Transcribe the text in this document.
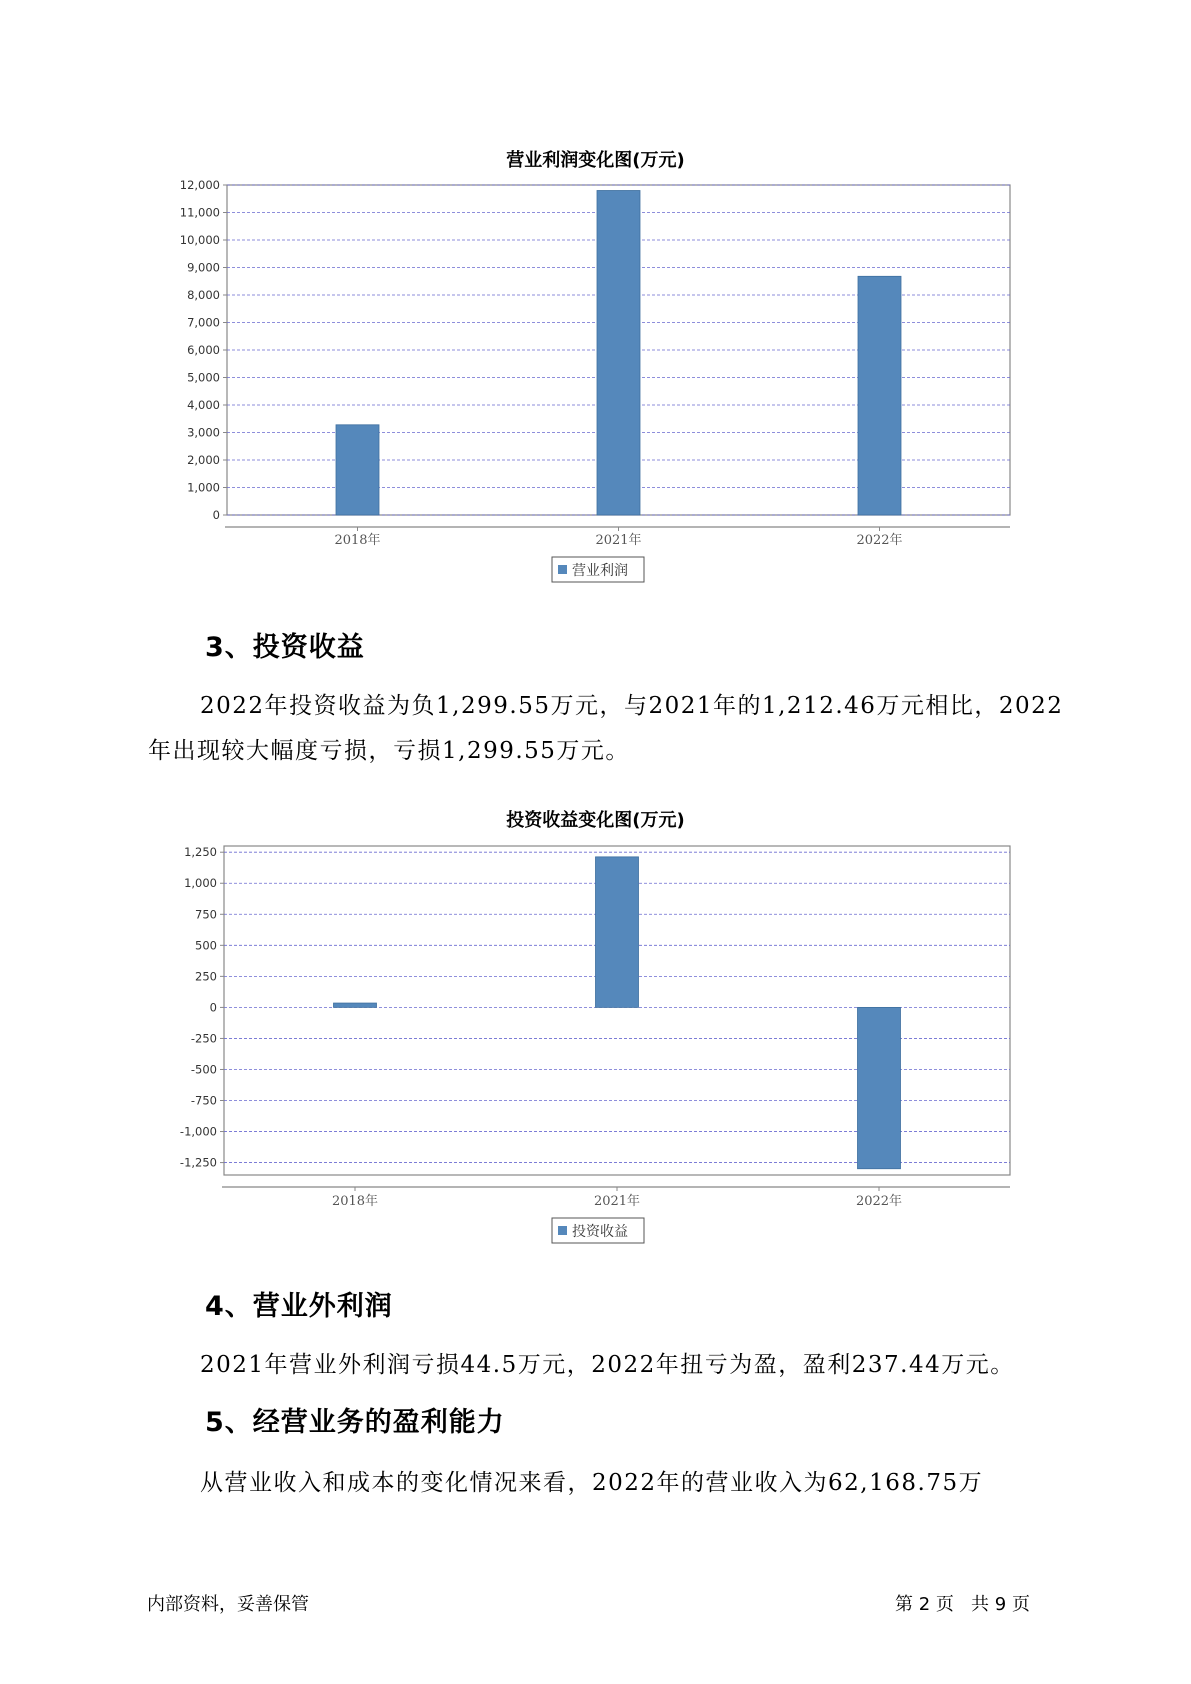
营业利润变化图(万元)
0
1,000
2,000
3,000
4,000
5,000
6,000
7,000
8,000
9,000
10,000
11,000
12,000
2018年	2021年	2022年
营业利润
3、投资收益

2022年投资收益为负1,299.55万元，与2021年的1,212.46万元相比，2022年出现较大幅度亏损，亏损1,299.55万元。

投资收益变化图(万元)
-1,250
-1,000
-750
-500
-250
0
250
500
750
1,000
1,250
2018年	2021年	2022年
投资收益
4、营业外利润

2021年营业外利润亏损44.5万元，2022年扭亏为盈，盈利237.44万元。

5、经营业务的盈利能力

从营业收入和成本的变化情况来看，2022年的营业收入为62,168.75万

内部资料，妥善保管	第 2 页   共 9 页
